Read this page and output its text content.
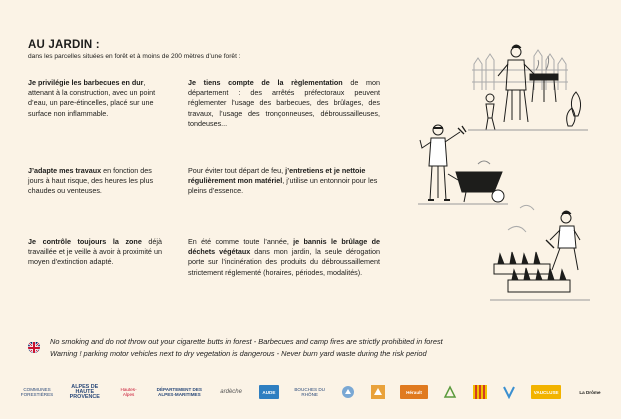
AU JARDIN :
dans les parcelles situées en forêt et à moins de 200 mètres d’une forêt :
Je privilégie les barbecues en dur, attenant à la construction, avec un point d’eau, un pare-étincelles, placé sur une surface non inflammable.
J’adapte mes travaux en fonction des jours à haut risque, des heures les plus chaudes ou venteuses.
Je contrôle toujours la zone déjà travaillée et je veille à avoir à proximité un moyen d’extinction adapté.
Je tiens compte de la règlementation de mon département : des arrêtés préfectoraux peuvent réglementer l’usage des barbecues, des brûlages, des travaux, l’usage des tronçonneuses, débroussailleuses, tondeuses...
Pour éviter tout départ de feu, j’entretiens et je nettoie régulièrement mon matériel, j’utilise un entonnoir pour les pleins d’essence.
En été comme toute l’année, je bannis le brûlage de déchets végétaux dans mon jardin, la seule dérogation porte sur l’incinération des produits du débroussaillement strictement réglementé (horaires, périodes, modalités).
No smoking and do not throw out your cigarette butts in forest - Barbecues and camp fires are strictly prohibited in forest
Warning ! parking motor vehicles next to dry vegetation is dangerous - Never burn yard waste during the risk period
COMMUNES FORESTIÈRES
ALPES DE HAUTE PROVENCE
Hautes-Alpes
DÉPARTEMENT DES ALPES-MARITIMES	ardèche	AUDE	BOUCHES DU RHÔNE	Hérault	VAUCLUSE	La Drôme
